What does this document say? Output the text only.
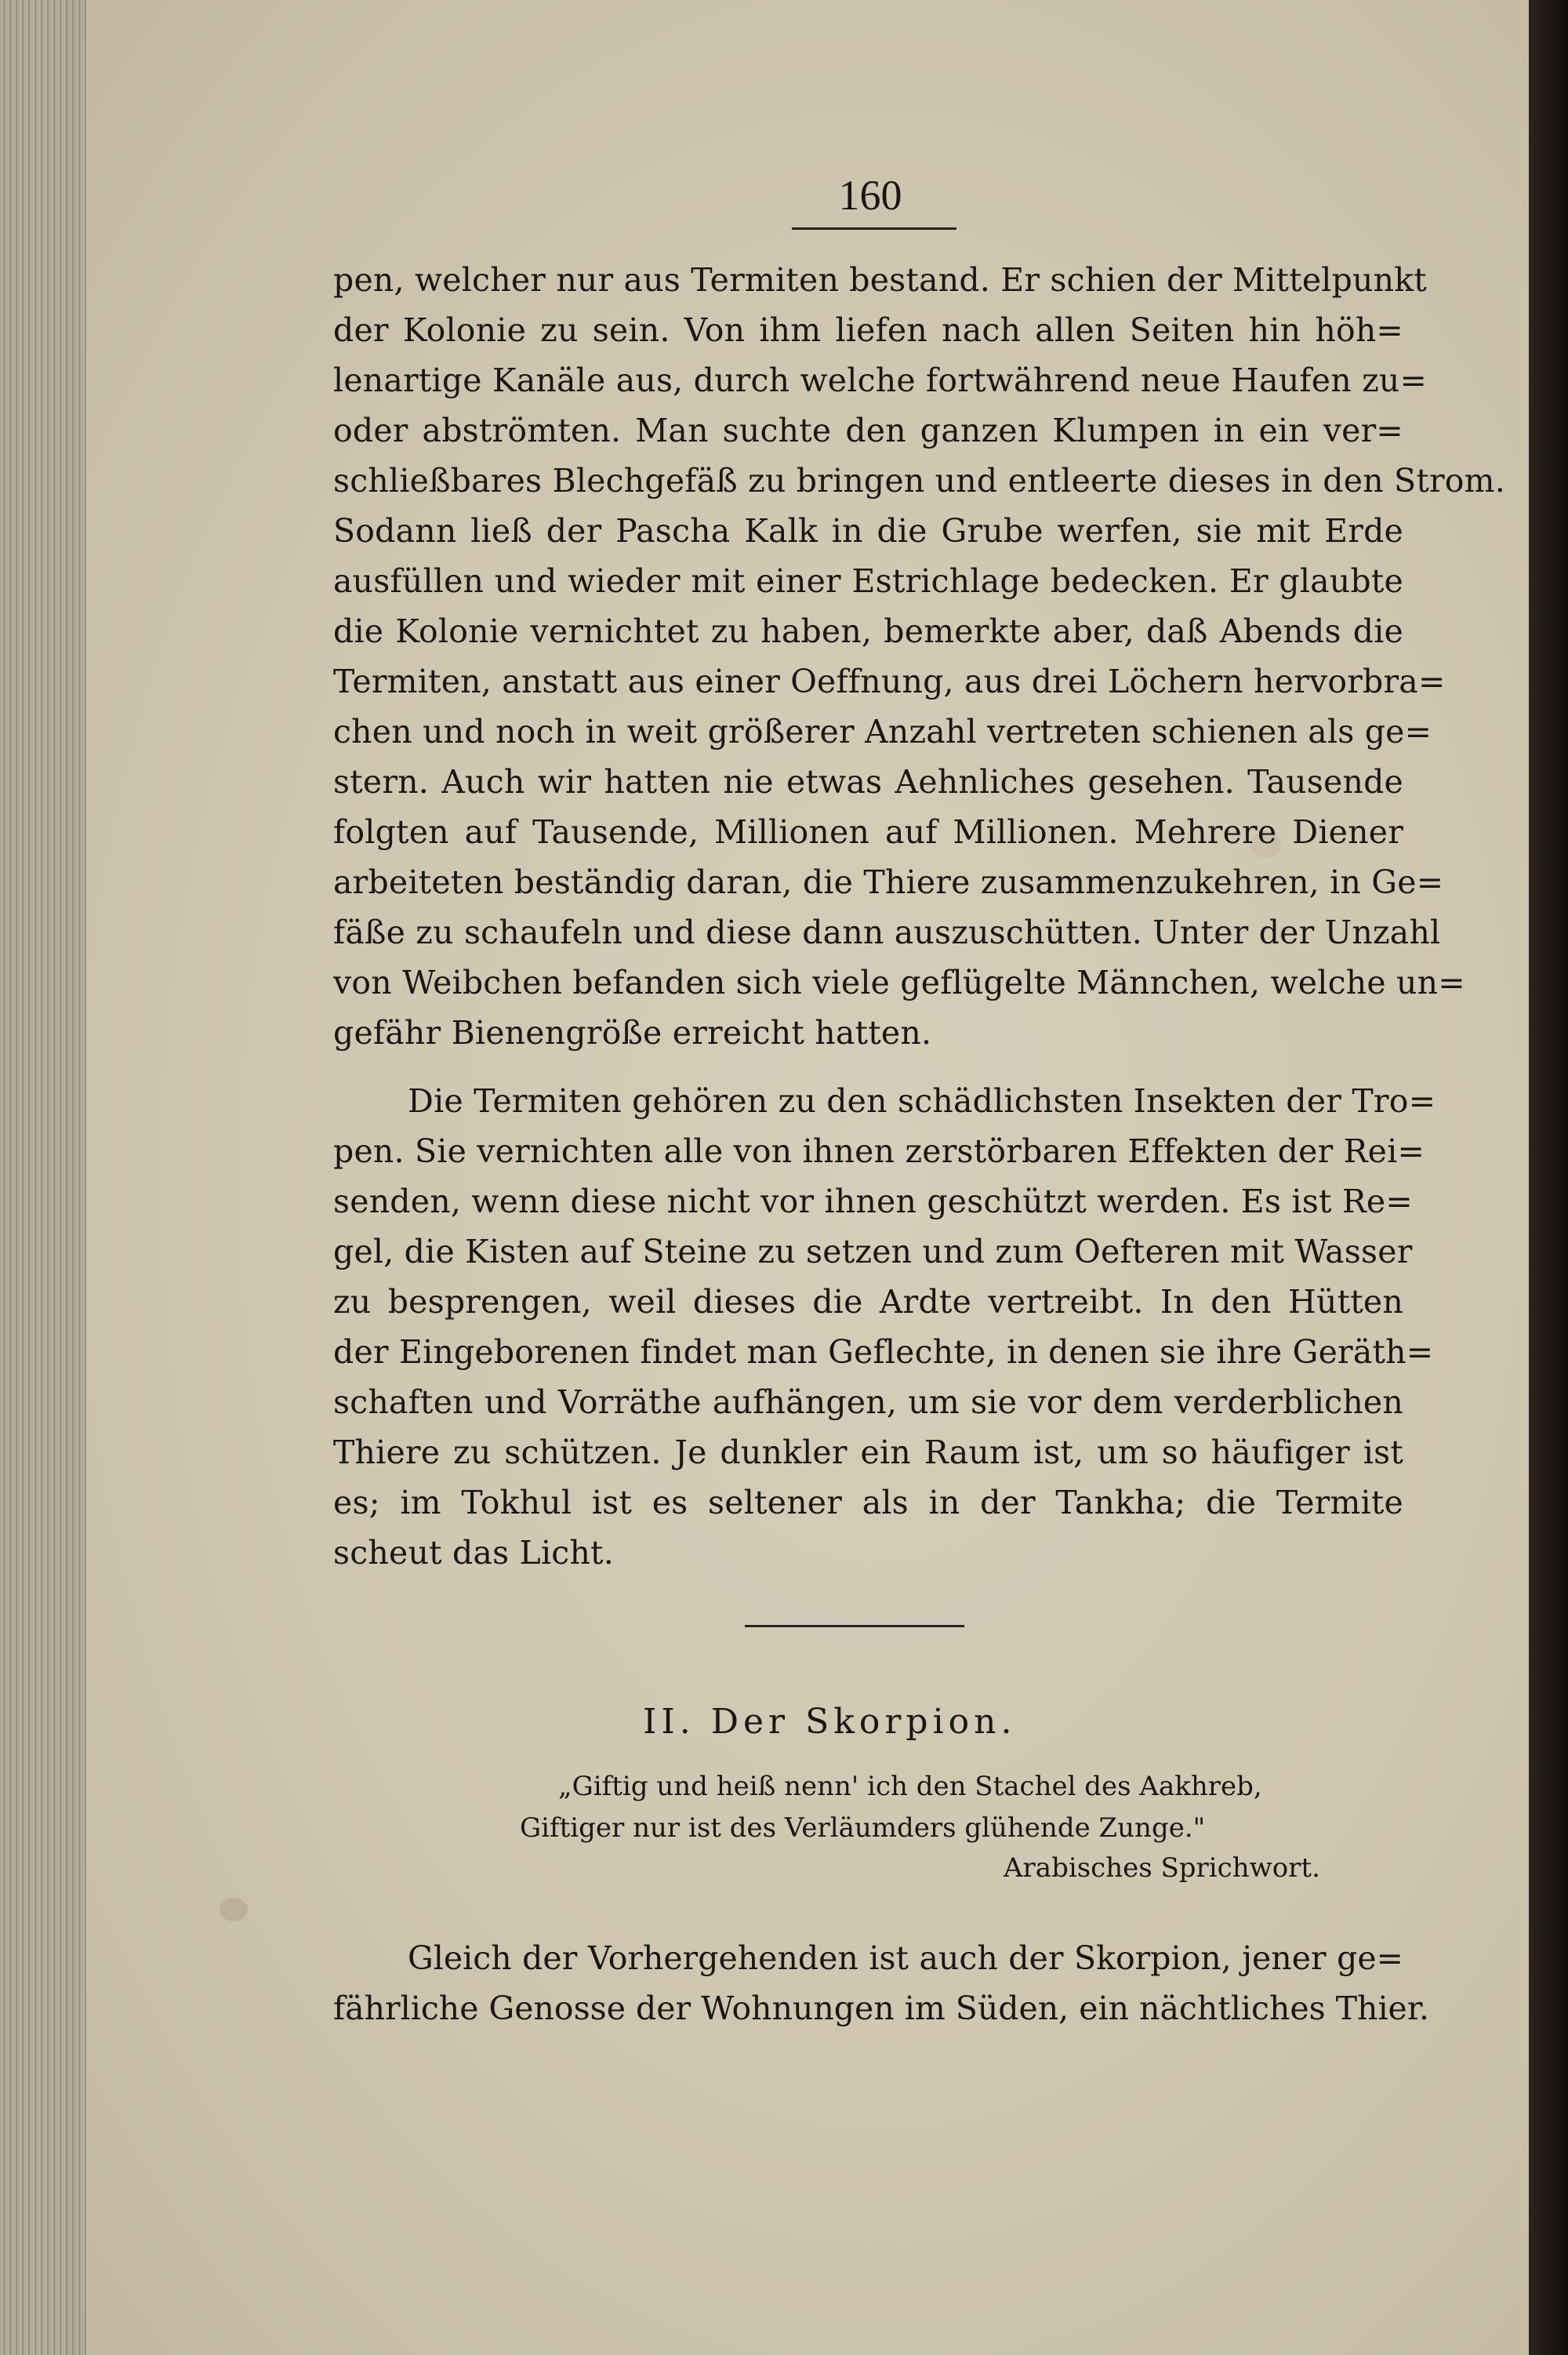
160
pen, welcher nur aus Termiten bestand. Er schien der Mittelpunkt
der Kolonie zu sein. Von ihm liefen nach allen Seiten hin höh=
lenartige Kanäle aus, durch welche fortwährend neue Haufen zu=
oder abströmten. Man suchte den ganzen Klumpen in ein ver=
schließbares Blechgefäß zu bringen und entleerte dieses in den Strom.
Sodann ließ der Pascha Kalk in die Grube werfen, sie mit Erde
ausfüllen und wieder mit einer Estrichlage bedecken. Er glaubte
die Kolonie vernichtet zu haben, bemerkte aber, daß Abends die
Termiten, anstatt aus einer Oeffnung, aus drei Löchern hervorbra=
chen und noch in weit größerer Anzahl vertreten schienen als ge=
stern. Auch wir hatten nie etwas Aehnliches gesehen. Tausende
folgten auf Tausende, Millionen auf Millionen. Mehrere Diener
arbeiteten beständig daran, die Thiere zusammenzukehren, in Ge=
fäße zu schaufeln und diese dann auszuschütten. Unter der Unzahl
von Weibchen befanden sich viele geflügelte Männchen, welche un=
gefähr Bienengröße erreicht hatten.
Die Termiten gehören zu den schädlichsten Insekten der Tro=
pen. Sie vernichten alle von ihnen zerstörbaren Effekten der Rei=
senden, wenn diese nicht vor ihnen geschützt werden. Es ist Re=
gel, die Kisten auf Steine zu setzen und zum Oefteren mit Wasser
zu besprengen, weil dieses die Ardte vertreibt. In den Hütten
der Eingeborenen findet man Geflechte, in denen sie ihre Geräth=
schaften und Vorräthe aufhängen, um sie vor dem verderblichen
Thiere zu schützen. Je dunkler ein Raum ist, um so häufiger ist
es; im Tokhul ist es seltener als in der Tankha; die Termite
scheut das Licht.
II. Der Skorpion.
„Giftig und heiß nenn' ich den Stachel des Aakhreb,
Giftiger nur ist des Verläumders glühende Zunge."
Arabisches Sprichwort.
Gleich der Vorhergehenden ist auch der Skorpion, jener ge=
fährliche Genosse der Wohnungen im Süden, ein nächtliches Thier.
